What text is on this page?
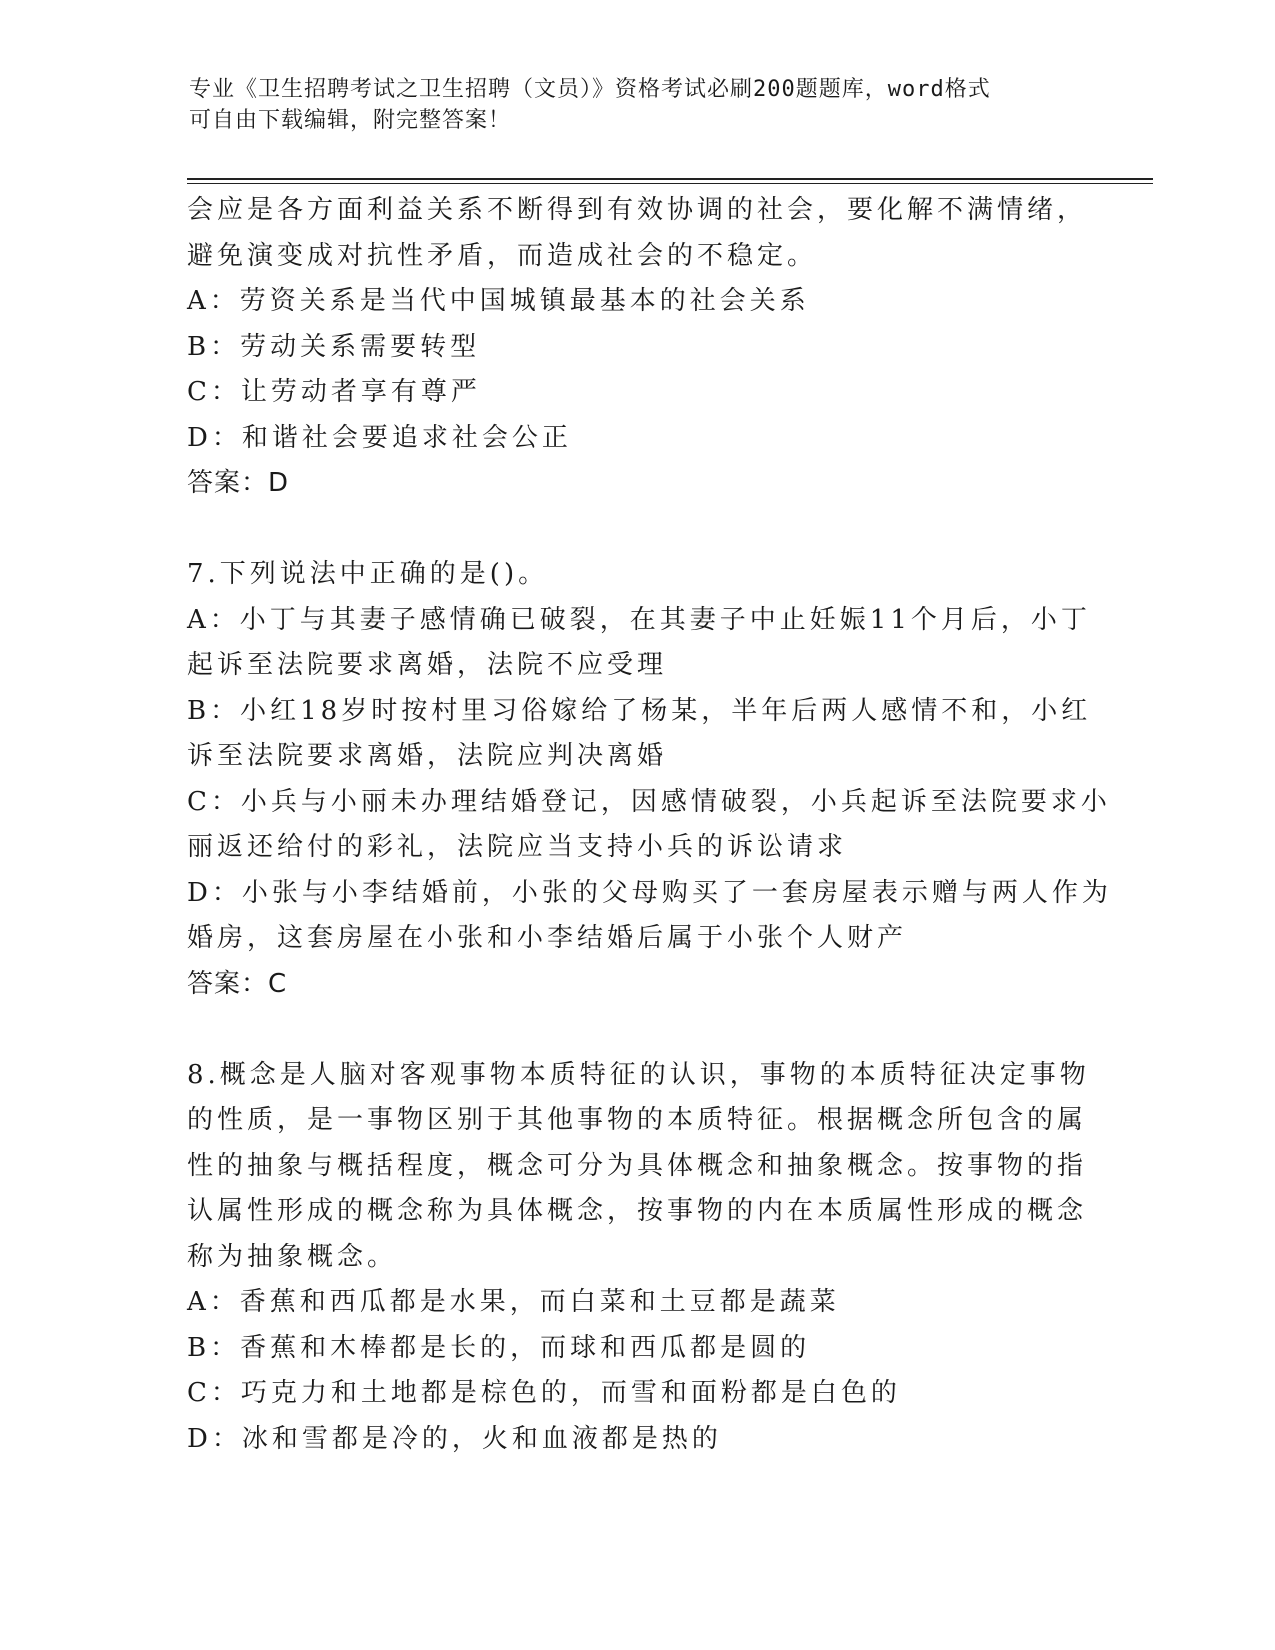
专业《卫生招聘考试之卫生招聘（文员）》资格考试必刷200题题库，word格式
可自由下载编辑，附完整答案！
会应是各方面利益关系不断得到有效协调的社会，要化解不满情绪，
避免演变成对抗性矛盾，而造成社会的不稳定。
A：劳资关系是当代中国城镇最基本的社会关系
B：劳动关系需要转型
C：让劳动者享有尊严
D：和谐社会要追求社会公正
答案：D
7.下列说法中正确的是()。
A：小丁与其妻子感情确已破裂，在其妻子中止妊娠11个月后，小丁
起诉至法院要求离婚，法院不应受理
B：小红18岁时按村里习俗嫁给了杨某，半年后两人感情不和，小红
诉至法院要求离婚，法院应判决离婚
C：小兵与小丽未办理结婚登记，因感情破裂，小兵起诉至法院要求小
丽返还给付的彩礼，法院应当支持小兵的诉讼请求
D：小张与小李结婚前，小张的父母购买了一套房屋表示赠与两人作为
婚房，这套房屋在小张和小李结婚后属于小张个人财产
答案：C
8.概念是人脑对客观事物本质特征的认识，事物的本质特征决定事物
的性质，是一事物区别于其他事物的本质特征。根据概念所包含的属
性的抽象与概括程度，概念可分为具体概念和抽象概念。按事物的指
认属性形成的概念称为具体概念，按事物的内在本质属性形成的概念
称为抽象概念。
A：香蕉和西瓜都是水果，而白菜和土豆都是蔬菜
B：香蕉和木棒都是长的，而球和西瓜都是圆的
C：巧克力和土地都是棕色的，而雪和面粉都是白色的
D：冰和雪都是冷的，火和血液都是热的
